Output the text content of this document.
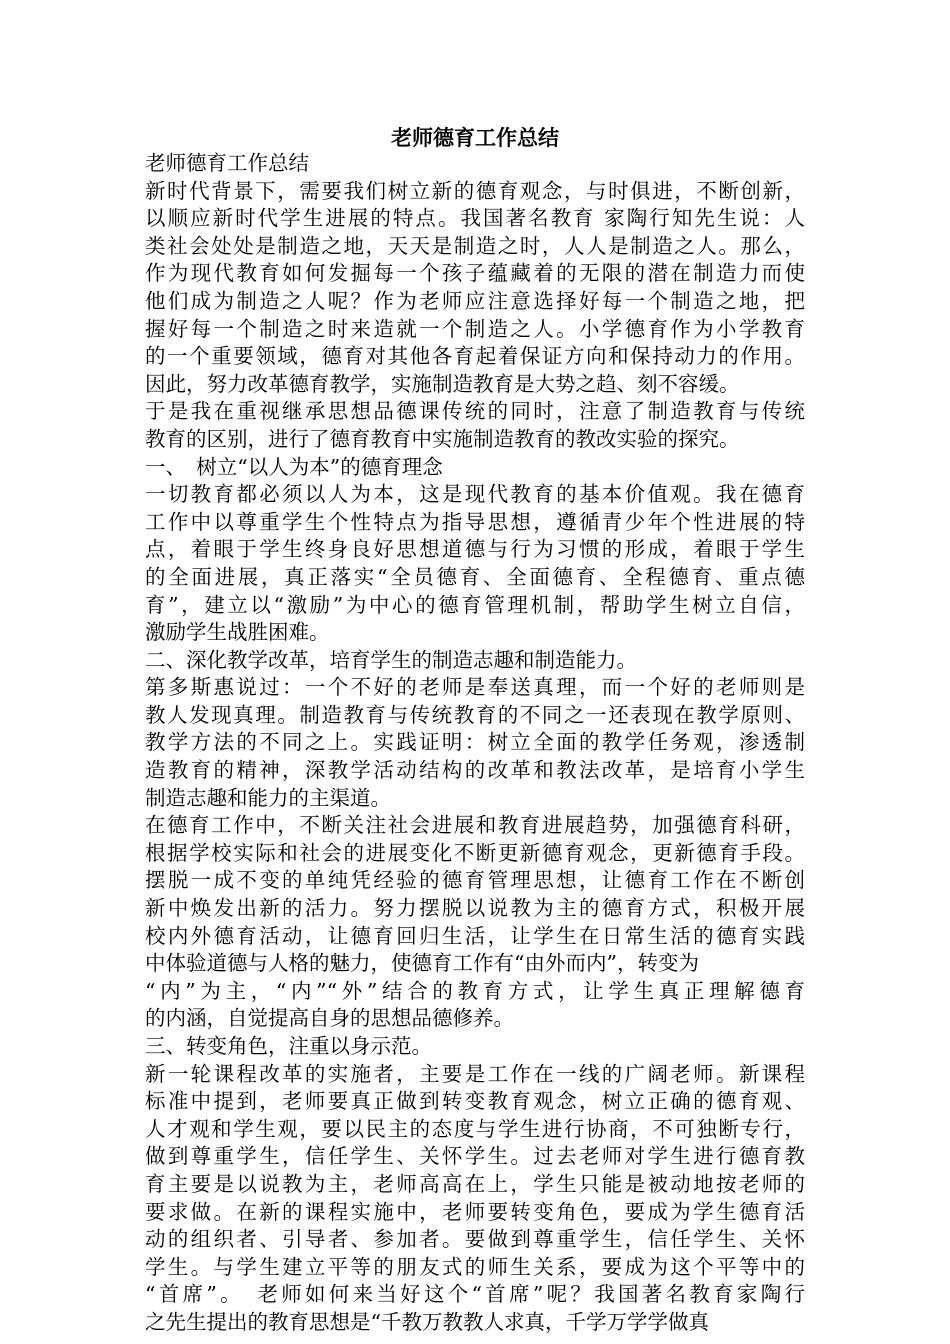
老师德育工作总结
老师德育工作总结
新时代背景下，需要我们树立新的德育观念，与时俱进，不断创新，
以顺应新时代学生进展的特点。我国著名教育 家陶行知先生说：人
类社会处处是制造之地，天天是制造之时，人人是制造之人。那么，
作为现代教育如何发掘每一个孩子蕴藏着的无限的潜在制造力而使
他们成为制造之人呢？作为老师应注意选择好每一个制造之地，把
握好每一个制造之时来造就一个制造之人。小学德育作为小学教育
的一个重要领域，德育对其他各育起着保证方向和保持动力的作用。
因此，努力改革德育教学，实施制造教育是大势之趋、刻不容缓。
于是我在重视继承思想品德课传统的同时，注意了制造教育与传统
教育的区别，进行了德育教育中实施制造教育的教改实验的探究。
一、　树立“以人为本”的德育理念
一切教育都必须以人为本，这是现代教育的基本价值观。我在德育
工作中以尊重学生个性特点为指导思想，遵循青少年个性进展的特
点，着眼于学生终身良好思想道德与行为习惯的形成，着眼于学生
的全面进展，真正落实“全员德育、全面德育、全程德育、重点德
育”，建立以“激励”为中心的德育管理机制，帮助学生树立自信，
激励学生战胜困难。
二、深化教学改革，培育学生的制造志趣和制造能力。
第多斯惠说过：一个不好的老师是奉送真理，而一个好的老师则是
教人发现真理。制造教育与传统教育的不同之一还表现在教学原则、
教学方法的不同之上。实践证明：树立全面的教学任务观，渗透制
造教育的精神，深教学活动结构的改革和教法改革，是培育小学生
制造志趣和能力的主渠道。
在德育工作中，不断关注社会进展和教育进展趋势，加强德育科研，
根据学校实际和社会的进展变化不断更新德育观念，更新德育手段。
摆脱一成不变的单纯凭经验的德育管理思想，让德育工作在不断创
新中焕发出新的活力。努力摆脱以说教为主的德育方式，积极开展
校内外德育活动，让德育回归生活，让学生在日常生活的德育实践
中体验道德与人格的魅力，使德育工作有“由外而内”，转变为
“内”为主，“内”“外”结合的教育方式，让学生真正理解德育
的内涵，自觉提高自身的思想品德修养。
三、转变角色，注重以身示范。
新一轮课程改革的实施者，主要是工作在一线的广阔老师。新课程
标准中提到，老师要真正做到转变教育观念，树立正确的德育观、
人才观和学生观，要以民主的态度与学生进行协商，不可独断专行，
做到尊重学生，信任学生、关怀学生。过去老师对学生进行德育教
育主要是以说教为主，老师高高在上，学生只能是被动地按老师的
要求做。在新的课程实施中，老师要转变角色，要成为学生德育活
动的组织者、引导者、参加者。要做到尊重学生，信任学生、关怀
学生。与学生建立平等的朋友式的师生关系，要成为这个平等中的
“首席”。　老师如何来当好这个“首席”呢？我国著名教育家陶行
之先生提出的教育思想是“千教万教教人求真，千学万学学做真
